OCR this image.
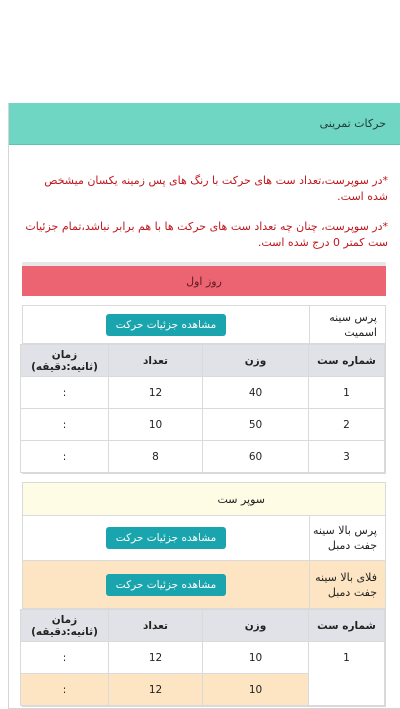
حرکات تمرینی

*در سوپرست،تعداد ست های حرکت با رنگ های پس زمینه یکسان میشخص شده است.

*در سوپرست، چنان چه تعداد ست های حرکت ها با هم برابر نباشد،تمام جزئیات ست کمتر 0 درج شده است.

روز اول
پرس سینه اسمیت
مشاهده جزئیات حرکت
شماره ست	وزن	تعداد	زمان (ثانیه:دقیقه)
1	40	12	:
2	50	10	:
3	60	8	:
سوپر ست
پرس بالا سینه جفت دمبل
مشاهده جزئیات حرکت
فلای بالا سینه جفت دمبل
مشاهده جزئیات حرکت
شماره ست	وزن	تعداد	زمان (ثانیه:دقیقه)
1	10	12	:
	10	12	:
